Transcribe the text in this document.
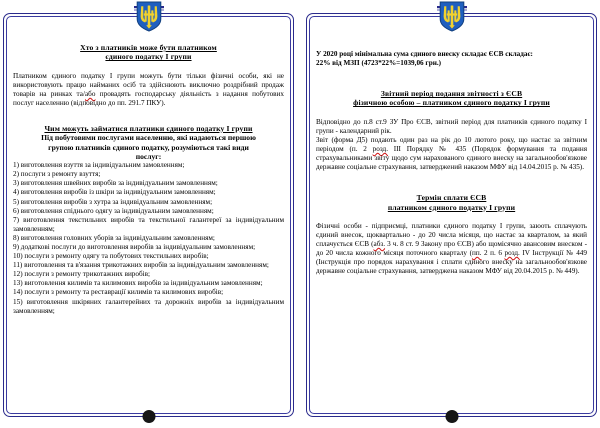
Хто з платників може бути платником
єдиного податку I групи

Платником єдиного податку I групи можуть бути тільки фізичні особи, які не використовують працю найманих осіб та здійснюють виключно роздрібний продаж товарів на ринках та/або провадять господарську діяльність з надання побутових послуг населенню (відповідно до пп. 291.7 ПКУ).

Чим можуть займатися платники єдиного податку I групи
Під побутовими послугами населенню, які надаються першою
групою платників єдиного податку, розуміються такі види
послуг:
1) виготовлення взуття за індивідуальним замовленням;
2) послуги з ремонту взуття;
3) виготовлення швейних виробів за індивідуальним замовленням;
4) виготовлення виробів із шкіри за індивідуальним замовленням;
5) виготовлення виробів з хутра за індивідуальним замовленням;
6) виготовлення спіднього одягу за індивідуальним замовленням;
7) виготовлення текстильних виробів та текстильної галантереї за індивідуальним замовленням;
8) виготовлення головних уборів за індивідуальним замовленням;
9) додаткові послуги до виготовлення виробів за індивідуальним замовленням;
10) послуги з ремонту одягу та побутових текстильних виробів;
11) виготовлення та в'язання трикотажних виробів за індивідуальним замовленням;
12) послуги з ремонту трикотажних виробів;
13) виготовлення килимів та килимових виробів за індивідуальним замовленням;
14) послуги з ремонту та реставрації килимів та килимових виробів;
15) виготовлення шкіряних галантерейних та дорожніх виробів за індивідуальним замовленням;

У 2020 році мінімальна сума єдиного внеску складає ЄСВ складає:
22% від МЗП (4723*22%=1039,06 грн.)

Звітний період подання звітності з ЄСВ
фізичною особою – платником єдиного податку I групи

Відповідно до п.8 ст.9 ЗУ Про ЄСВ, звітний період для платників єдиного податку I групи - календарний рік.

Звіт (форма Д5) подають один раз на рік до 10 лютого року, що настає за звітним періодом (п. 2 розд. III Порядку № 435 (Порядок формування та подання страхувальниками звіту щодо сум нарахованого єдиного внеску на загальнообов'язкове державне соціальне страхування, затверджений наказом МФУ від 14.04.2015 р. № 435).

Термін сплати ЄСВ
платником єдиного податку I групи

Фізичні особи - підприємці, платники єдиного податку I групи, заюоть сплачують єдиний внесок, щоквартально - до 20 числа місяця, що настає за кварталом, за який сплачується ЄСВ (абз. 3 ч. 8 ст. 9 Закону про ЄСВ) або щомісячно авансовим внеском - до 20 числа кожного місяця поточного кварталу (пп. 2 п. 6 розд. IV Інструкції № 449 (Інструкція про порядок нарахування і сплати єдиного внеску на загальнообов'язкове державне соціальне страхування, затверджена наказом МФУ від 20.04.2015 р. № 449).
